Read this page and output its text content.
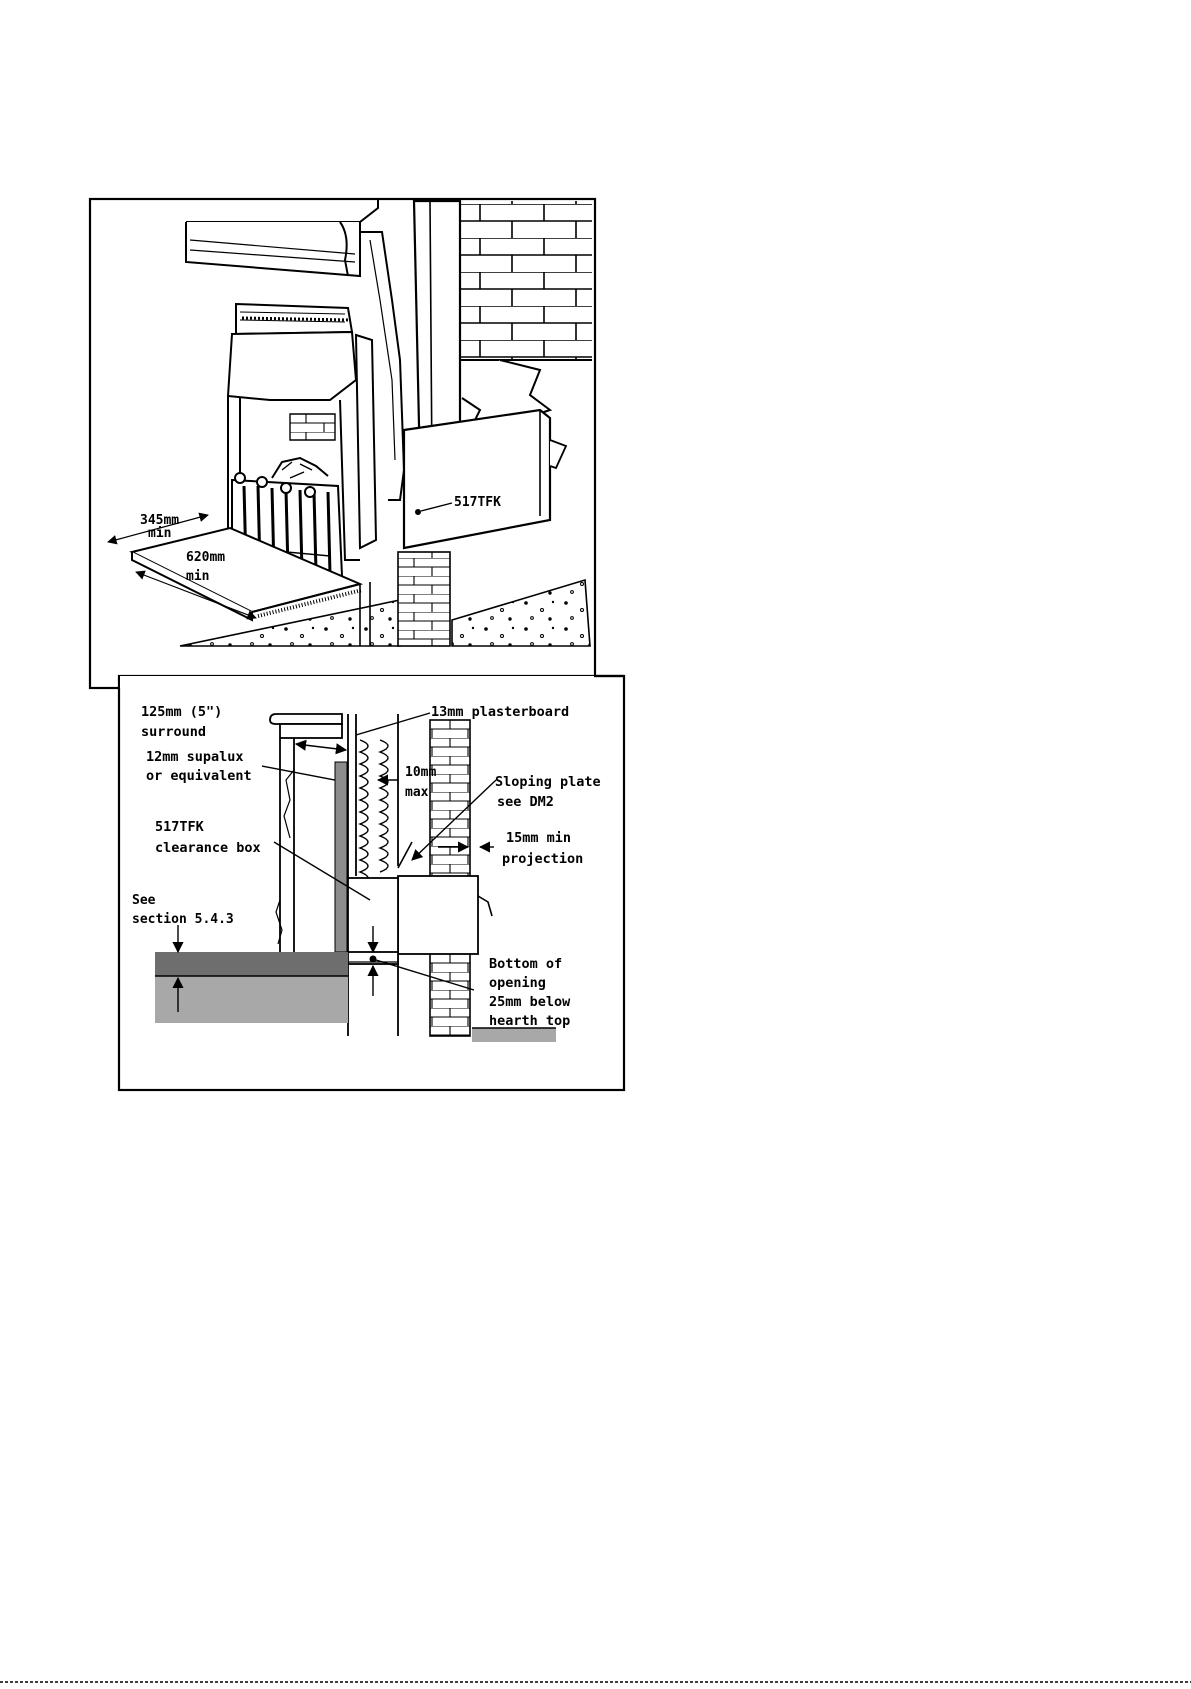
345mm
min
620mm
min
517TFK
125mm (5")
surround
12mm supalux
or equivalent
13mm plasterboard
10mm
max
Sloping plate
see DM2
15mm min
projection
517TFK
clearance box
See
section 5.4.3
Bottom of
opening
25mm below
hearth top
